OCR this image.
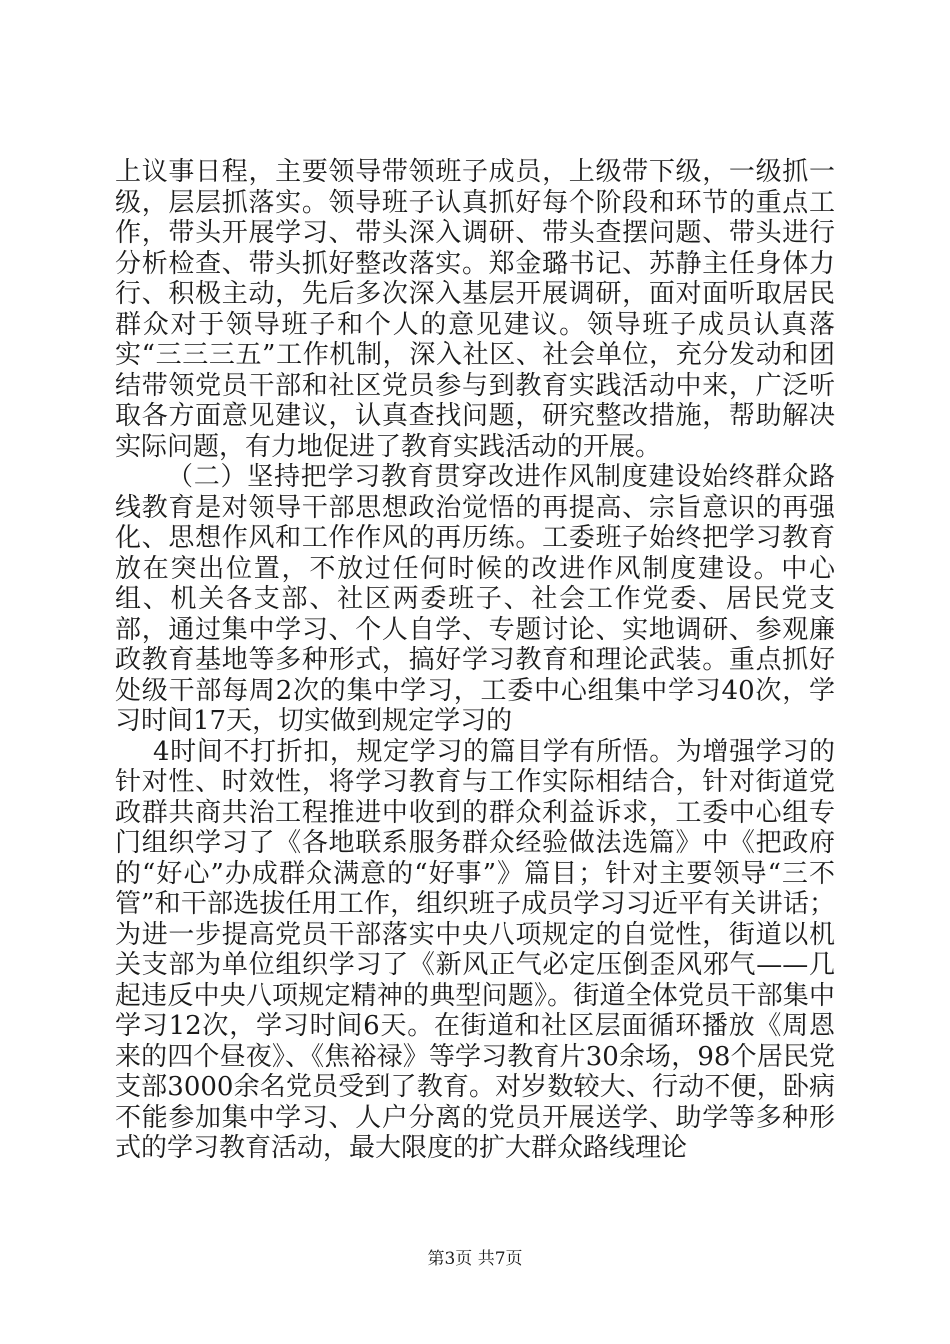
上议事日程，主要领导带领班子成员，上级带下级，一级抓一级，层层抓落实。领导班子认真抓好每个阶段和环节的重点工作，带头开展学习、带头深入调研、带头查摆问题、带头进行分析检查、带头抓好整改落实。郑金璐书记、苏静主任身体力行、积极主动，先后多次深入基层开展调研，面对面听取居民群众对于领导班子和个人的意见建议。领导班子成员认真落实“三三三五”工作机制，深入社区、社会单位，充分发动和团结带领党员干部和社区党员参与到教育实践活动中来，广泛听取各方面意见建议，认真查找问题，研究整改措施，帮助解决实际问题，有力地促进了教育实践活动的开展。

（二）坚持把学习教育贯穿改进作风制度建设始终群众路线教育是对领导干部思想政治觉悟的再提高、宗旨意识的再强化、思想作风和工作作风的再历练。工委班子始终把学习教育放在突出位置，不放过任何时候的改进作风制度建设。中心组、机关各支部、社区两委班子、社会工作党委、居民党支部，通过集中学习、个人自学、专题讨论、实地调研、参观廉政教育基地等多种形式，搞好学习教育和理论武装。重点抓好处级干部每周2次的集中学习，工委中心组集中学习40次，学习时间17天，切实做到规定学习的

4时间不打折扣，规定学习的篇目学有所悟。为增强学习的针对性、时效性，将学习教育与工作实际相结合，针对街道党政群共商共治工程推进中收到的群众利益诉求，工委中心组专门组织学习了《各地联系服务群众经验做法选篇》中《把政府的“好心”办成群众满意的“好事”》篇目；针对主要领导“三不管”和干部选拔任用工作，组织班子成员学习习近平有关讲话；为进一步提高党员干部落实中央八项规定的自觉性，街道以机关支部为单位组织学习了《新风正气必定压倒歪风邪气——几起违反中央八项规定精神的典型问题》。街道全体党员干部集中学习12次，学习时间6天。在街道和社区层面循环播放《周恩来的四个昼夜》、《焦裕禄》等学习教育片30余场，98个居民党支部3000余名党员受到了教育。对岁数较大、行动不便，卧病不能参加集中学习、人户分离的党员开展送学、助学等多种形式的学习教育活动，最大限度的扩大群众路线理论

第3页 共7页
